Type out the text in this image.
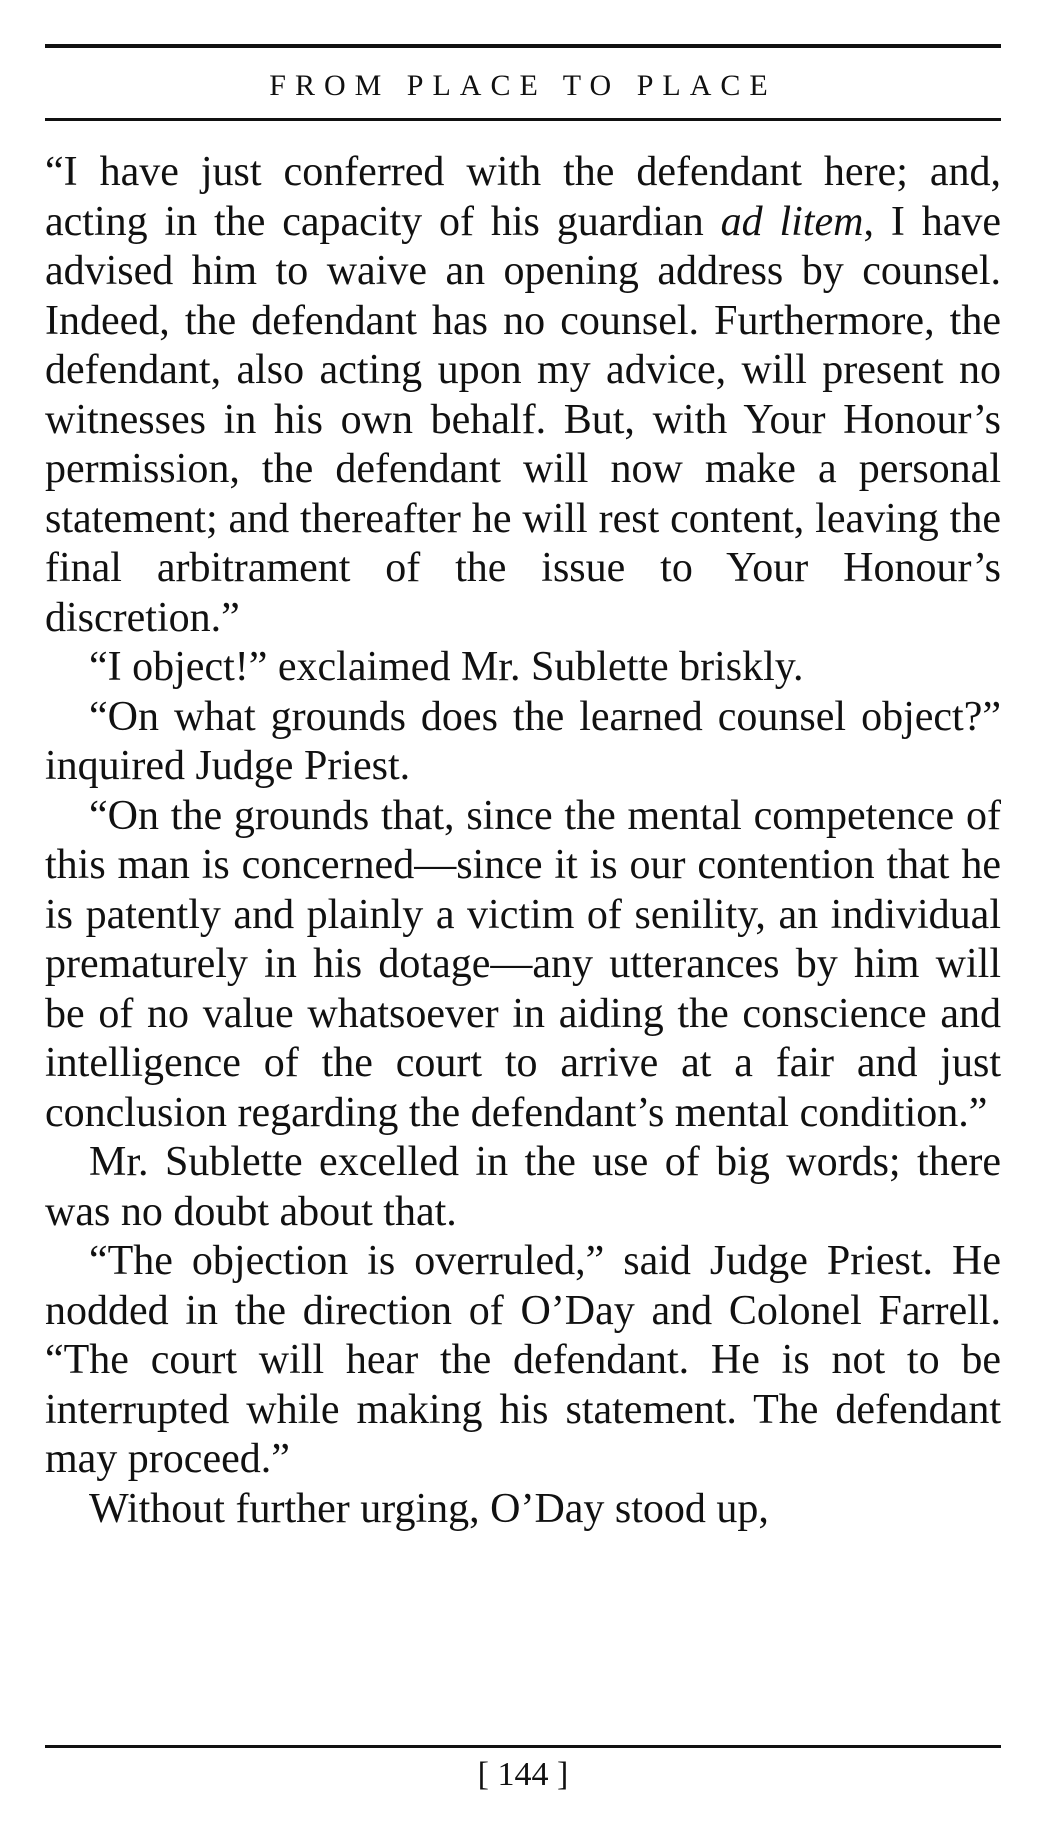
FROM PLACE TO PLACE

“I have just conferred with the defendant here; and, acting in the capacity of his guardian ad litem, I have advised him to waive an opening address by counsel. Indeed, the defendant has no counsel. Furthermore, the defendant, also acting upon my advice, will present no witnesses in his own behalf. But, with Your Honour’s permission, the defendant will now make a personal statement; and thereafter he will rest content, leaving the final arbitrament of the issue to Your Honour’s discretion.”

“I object!” exclaimed Mr. Sublette briskly.

“On what grounds does the learned counsel object?” inquired Judge Priest.

“On the grounds that, since the mental competence of this man is concerned—since it is our contention that he is patently and plainly a victim of senility, an individual prematurely in his dotage—any utterances by him will be of no value whatsoever in aiding the conscience and intelligence of the court to arrive at a fair and just conclusion regarding the defendant’s mental condition.”

Mr. Sublette excelled in the use of big words; there was no doubt about that.

“The objection is overruled,” said Judge Priest. He nodded in the direction of O’Day and Colonel Farrell. “The court will hear the defendant. He is not to be interrupted while making his statement. The defendant may proceed.”

Without further urging, O’Day stood up,

[ 144 ]
